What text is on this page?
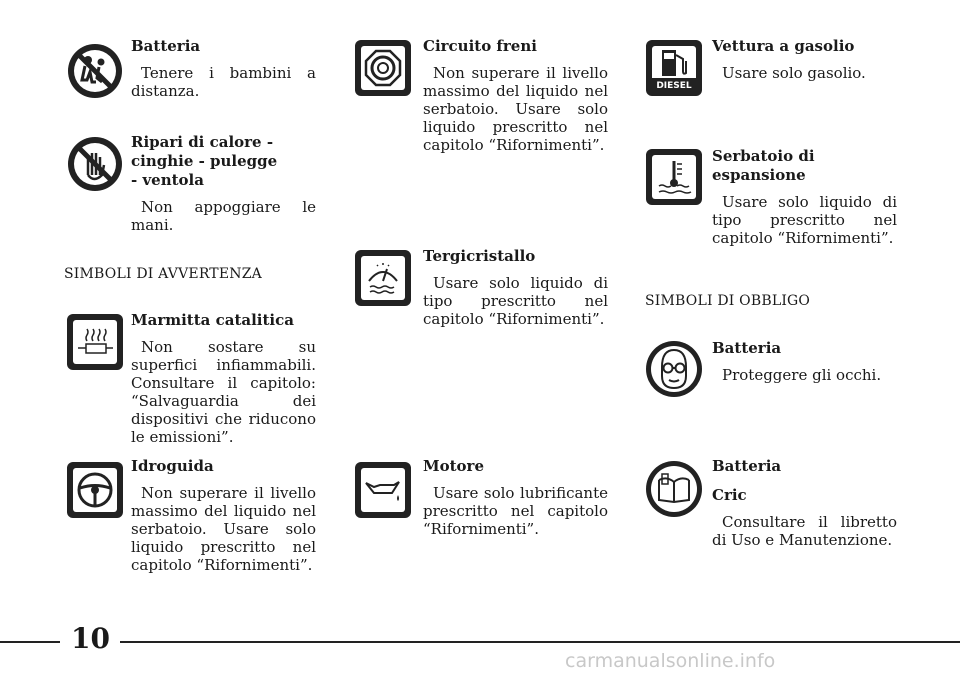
Batteria

Tenere i bambini a distanza.

Ripari di calore - cinghie - pulegge - ventola

Non appoggiare le mani.

SIMBOLI DI AVVERTENZA

Marmitta catalitica

Non sostare su superfici infiammabili. Consultare il capitolo: “Salvaguardia dei dispositivi che riducono le emissioni”.

Idroguida

Non superare il livello massimo del liquido nel serbatoio. Usare solo liquido prescritto nel capitolo “Rifornimenti”.

Circuito freni

Non superare il livello massimo del liquido nel serbatoio. Usare solo liquido prescritto nel capitolo “Rifornimenti”.

Tergicristallo

Usare solo liquido di tipo prescritto nel capitolo “Rifornimenti”.

Motore

Usare solo lubrificante prescritto nel capitolo “Rifornimenti”.

DIESEL

Vettura a gasolio

Usare solo gasolio.

Serbatoio di espansione

Usare solo liquido di tipo prescritto nel capitolo “Rifornimenti”.

SIMBOLI DI OBBLIGO

Batteria

Proteggere gli occhi.

Batteria

Cric

Consultare il libretto di Uso e Manutenzione.

10
carmanualsonline.info
